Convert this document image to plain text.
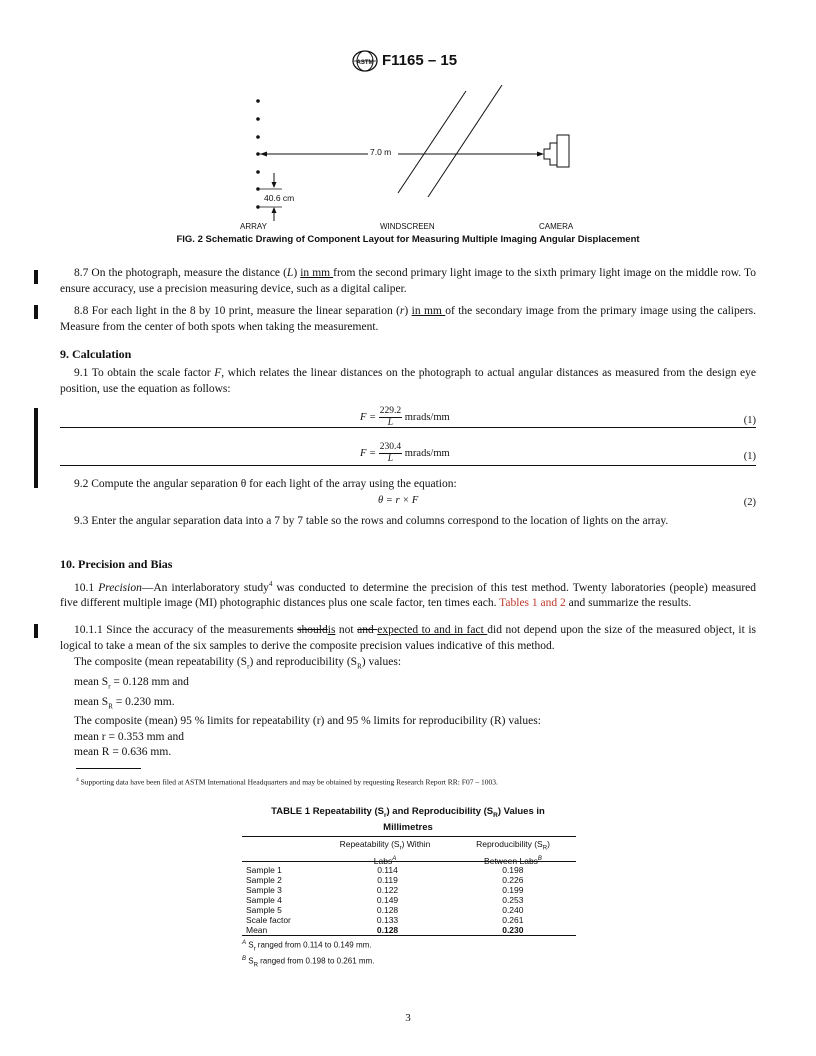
ASTM F1165 – 15
7.0 m
40.6 cm
ARRAY	WINDSCREEN	CAMERA
FIG. 2 Schematic Drawing of Component Layout for Measuring Multiple Imaging Angular Displacement
8.7 On the photograph, measure the distance (L) in mm from the second primary light image to the sixth primary light image on the middle row. To ensure accuracy, use a precision measuring device, such as a digital caliper.
8.8 For each light in the 8 by 10 print, measure the linear separation (r) in mm of the secondary image from the primary image using the calipers. Measure from the center of both spots when taking the measurement.
9. Calculation
9.1 To obtain the scale factor F, which relates the linear distances on the photograph to actual angular distances as measured from the design eye position, use the equation as follows:
$F = \frac{229.2}{L}$ mrads/mm	(1)
$F = \frac{230.4}{L}$ mrads/mm	(1)
9.2 Compute the angular separation θ for each light of the array using the equation:
θ = r × F	(2)
9.3 Enter the angular separation data into a 7 by 7 table so the rows and columns correspond to the location of lights on the array.
10. Precision and Bias
10.1 Precision—An interlaboratory study$^4$ was conducted to determine the precision of this test method. Twenty laboratories (people) measured five different multiple image (MI) photographic distances plus one scale factor, ten times each. Tables 1 and 2 and summarize the results.
10.1.1 Since the accuracy of the measurements shouldis not and expected to and in fact did not depend upon the size of the measured object, it is logical to take a mean of the six samples to derive the composite precision values indicative of this method.
The composite (mean repeatability $(S_r)$ and reproducibility $(S_R)$ values:
mean $S_r = 0.128$ mm and
mean $S_R = 0.230$ mm.
The composite (mean) 95 % limits for repeatability (r) and 95 % limits for reproducibility (R) values:
mean r = 0.353 mm and
mean R = 0.636 mm.
$^4$ Supporting data have been filed at ASTM International Headquarters and may be obtained by requesting Research Report RR: F07 – 1003.
TABLE 1 Repeatability $(S_r)$ and Reproducibility $(S_R)$ Values in
Millimetres
Repeatability $(S_r)$ Within
Labs$^A$
Reproducibility $(S_R)$
Between Labs$^B$
Sample 1	0.114	0.198
Sample 2	0.119	0.226
Sample 3	0.122	0.199
Sample 4	0.149	0.253
Sample 5	0.128	0.240
Scale factor	0.133	0.261
Mean	0.128	0.230
$^A$ $S_r$ ranged from 0.114 to 0.149 mm.
$^B$ $S_R$ ranged from 0.198 to 0.261 mm.
3
